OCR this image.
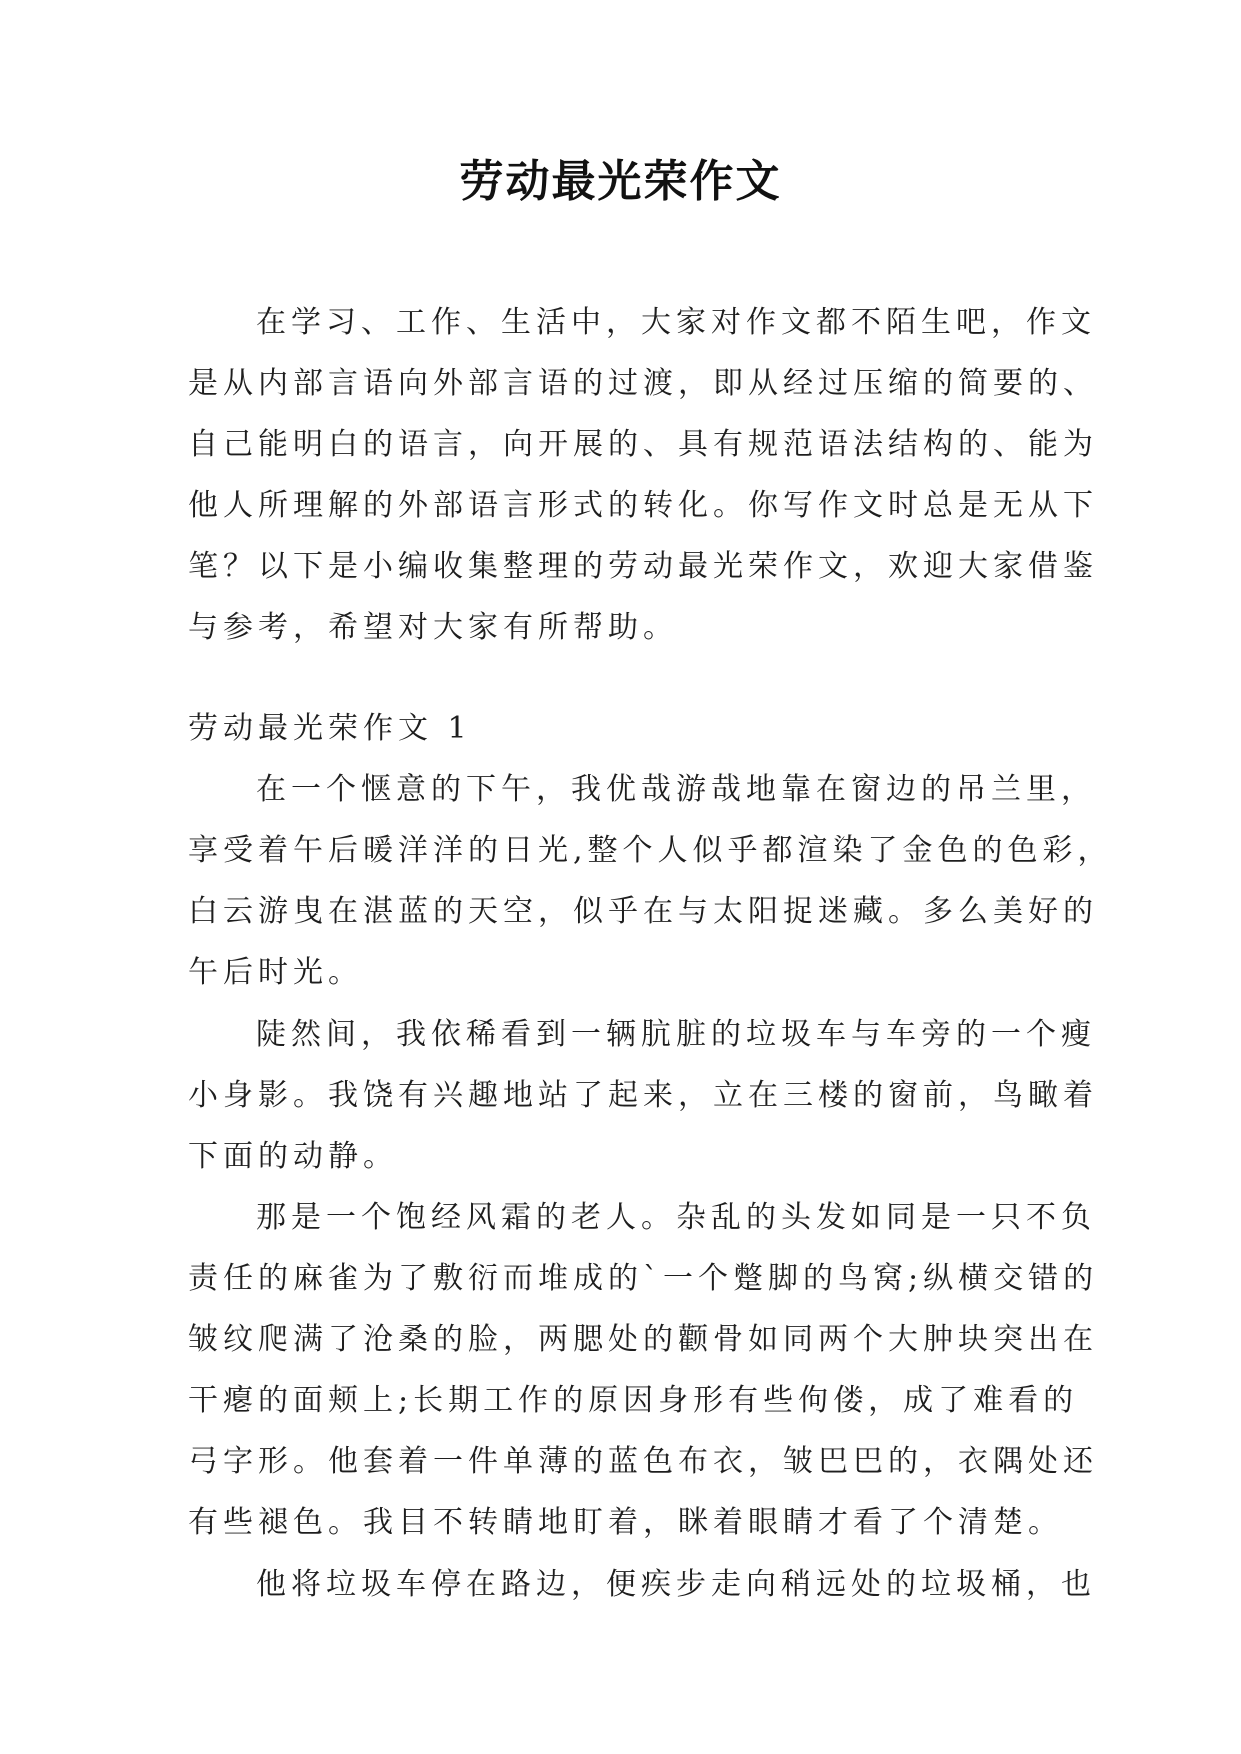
劳动最光荣作文
在学习、工作、生活中，大家对作文都不陌生吧，作文
是从内部言语向外部言语的过渡，即从经过压缩的简要的、
自己能明白的语言，向开展的、具有规范语法结构的、能为
他人所理解的外部语言形式的转化。你写作文时总是无从下
笔？以下是小编收集整理的劳动最光荣作文，欢迎大家借鉴
与参考，希望对大家有所帮助。
劳动最光荣作文 1
在一个惬意的下午，我优哉游哉地靠在窗边的吊兰里，
享受着午后暖洋洋的日光,整个人似乎都渲染了金色的色彩，
白云游曳在湛蓝的天空，似乎在与太阳捉迷藏。多么美好的
午后时光。
陡然间，我依稀看到一辆肮脏的垃圾车与车旁的一个瘦
小身影。我饶有兴趣地站了起来，立在三楼的窗前，鸟瞰着
下面的动静。
那是一个饱经风霜的老人。杂乱的头发如同是一只不负
责任的麻雀为了敷衍而堆成的`一个蹩脚的鸟窝;纵横交错的
皱纹爬满了沧桑的脸，两腮处的颧骨如同两个大肿块突出在
干瘪的面颊上;长期工作的原因身形有些佝偻，成了难看的
弓字形。他套着一件单薄的蓝色布衣，皱巴巴的，衣隅处还
有些褪色。我目不转睛地盯着，眯着眼睛才看了个清楚。
他将垃圾车停在路边，便疾步走向稍远处的垃圾桶，也
